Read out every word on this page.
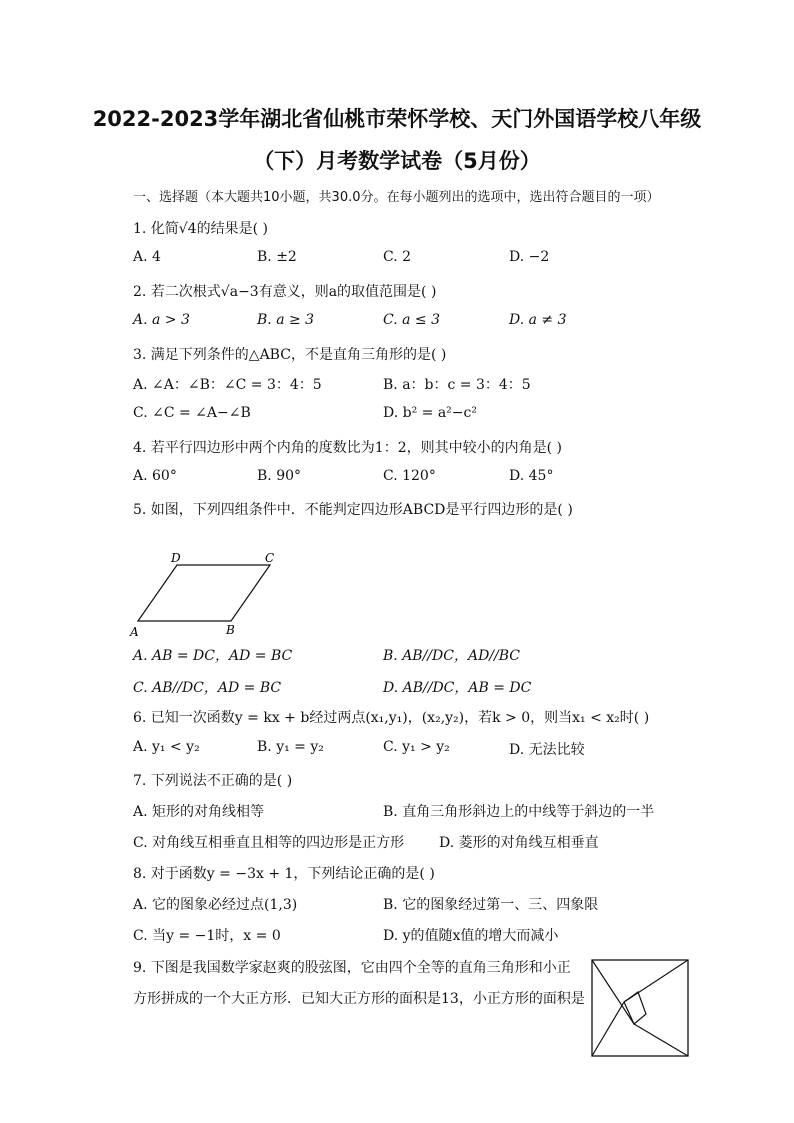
2022-2023学年湖北省仙桃市荣怀学校、天门外国语学校八年级
（下）月考数学试卷（5月份）
一、选择题（本大题共10小题，共30.0分。在每小题列出的选项中，选出符合题目的一项）
1. 化简√4的结果是( )
A. 4	B. ±2	C. 2	D. −2
2. 若二次根式√a−3有意义，则a的取值范围是( )
A. a > 3	B. a ≥ 3	C. a ≤ 3	D. a ≠ 3
3. 满足下列条件的△ABC，不是直角三角形的是( )
A. ∠A：∠B：∠C = 3：4：5	B. a：b：c = 3：4：5
C. ∠C = ∠A−∠B	D. b² = a²−c²
4. 若平行四边形中两个内角的度数比为1：2，则其中较小的内角是( )
A. 60°	B. 90°	C. 120°	D. 45°
5. 如图，下列四组条件中．不能判定四边形ABCD是平行四边形的是( )
D	C
A	B
A. AB = DC，AD = BC	B. AB//DC，AD//BC
C. AB//DC，AD = BC	D. AB//DC，AB = DC
6. 已知一次函数y = kx + b经过两点(x₁,y₁)，(x₂,y₂)，若k > 0，则当x₁ < x₂时( )
A. y₁ < y₂	B. y₁ = y₂	C. y₁ > y₂	D. 无法比较
7. 下列说法不正确的是( )
A. 矩形的对角线相等	B. 直角三角形斜边上的中线等于斜边的一半
C. 对角线互相垂直且相等的四边形是正方形 D. 菱形的对角线互相垂直
8. 对于函数y = −3x + 1，下列结论正确的是( )
A. 它的图象必经过点(1,3)	B. 它的图象经过第一、三、四象限
C. 当y = −1时，x = 0	D. y的值随x值的增大而减小
9. 下图是我国数学家赵爽的股弦图，它由四个全等的直角三角形和小正
方形拼成的一个大正方形．已知大正方形的面积是13，小正方形的面积是
